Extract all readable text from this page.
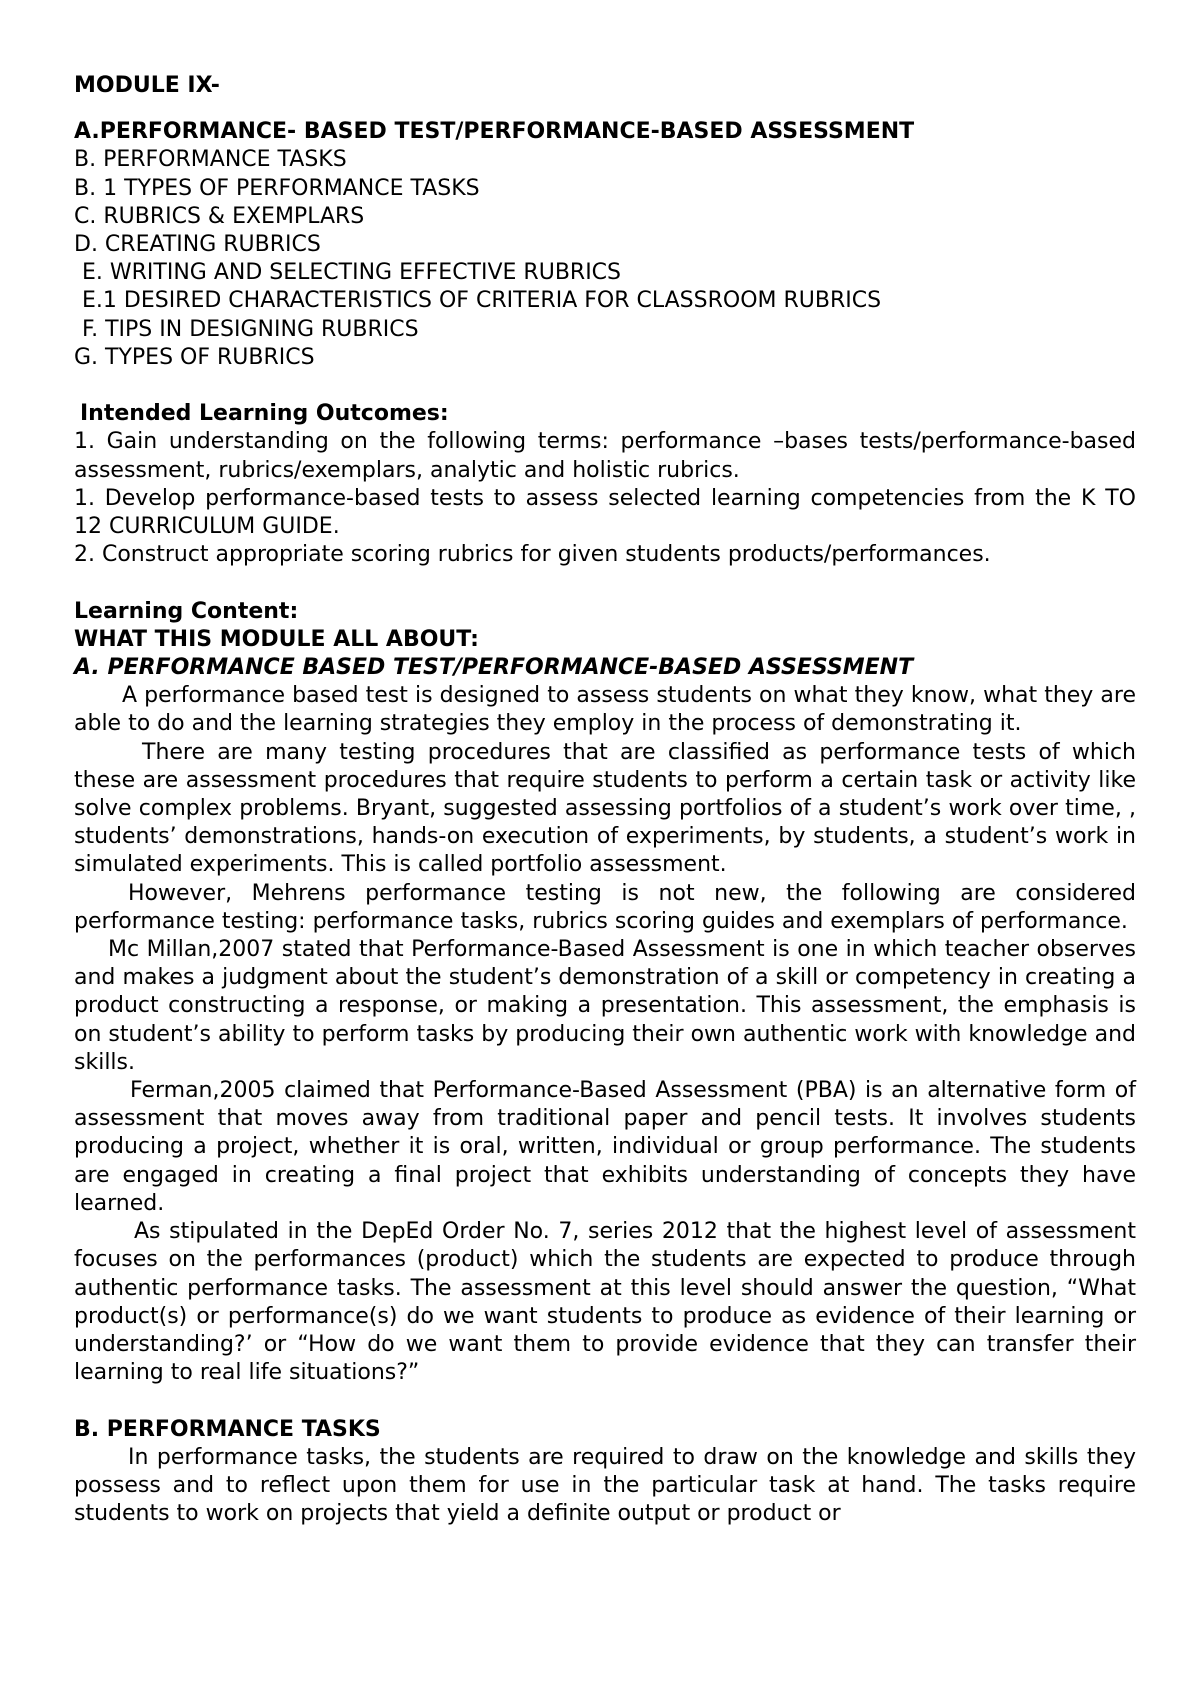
MODULE IX-
A.PERFORMANCE- BASED TEST/PERFORMANCE-BASED ASSESSMENT
B. PERFORMANCE TASKS
B. 1 TYPES OF PERFORMANCE TASKS
C. RUBRICS & EXEMPLARS
D. CREATING RUBRICS
E. WRITING AND SELECTING EFFECTIVE RUBRICS
E.1 DESIRED CHARACTERISTICS OF CRITERIA FOR CLASSROOM RUBRICS
F. TIPS IN DESIGNING RUBRICS
G. TYPES OF RUBRICS
Intended Learning Outcomes:
1. Gain understanding on the following terms: performance –bases tests/performance-based assessment, rubrics/exemplars, analytic and holistic rubrics.
1. Develop performance-based tests to assess selected learning competencies from the K TO 12 CURRICULUM GUIDE.
2. Construct appropriate scoring rubrics for given students products/performances.
Learning Content:
WHAT THIS MODULE ALL ABOUT:
A. PERFORMANCE BASED TEST/PERFORMANCE-BASED ASSESSMENT
A performance based test is designed to assess students on what they know, what they are able to do and the learning strategies they employ in the process of demonstrating it.
There are many testing procedures that are classified as performance tests of which these are assessment procedures that require students to perform a certain task or activity like solve complex problems. Bryant, suggested assessing portfolios of a student’s work over time, , students’ demonstrations, hands-on execution of experiments, by students, a student’s work in simulated experiments. This is called portfolio assessment.
However, Mehrens performance testing is not new, the following are considered performance testing: performance tasks, rubrics scoring guides and exemplars of performance.
Mc Millan,2007 stated that Performance-Based Assessment is one in which teacher observes and makes a judgment about the student’s demonstration of a skill or competency in creating a product constructing a response, or making a presentation. This assessment, the emphasis is on student’s ability to perform tasks by producing their own authentic work with knowledge and skills.
Ferman,2005 claimed that Performance-Based Assessment (PBA) is an alternative form of assessment that moves away from traditional paper and pencil tests. It involves students producing a project, whether it is oral, written, individual or group performance. The students are engaged in creating a final project that exhibits understanding of concepts they have learned.
As stipulated in the DepEd Order No. 7, series 2012 that the highest level of assessment focuses on the performances (product) which the students are expected to produce through authentic performance tasks. The assessment at this level should answer the question, “What product(s) or performance(s) do we want students to produce as evidence of their learning or understanding?’ or “How do we want them to provide evidence that they can transfer their learning to real life situations?”
B. PERFORMANCE TASKS
In performance tasks, the students are required to draw on the knowledge and skills they possess and to reflect upon them for use in the particular task at hand. The tasks require students to work on projects that yield a definite output or product or
